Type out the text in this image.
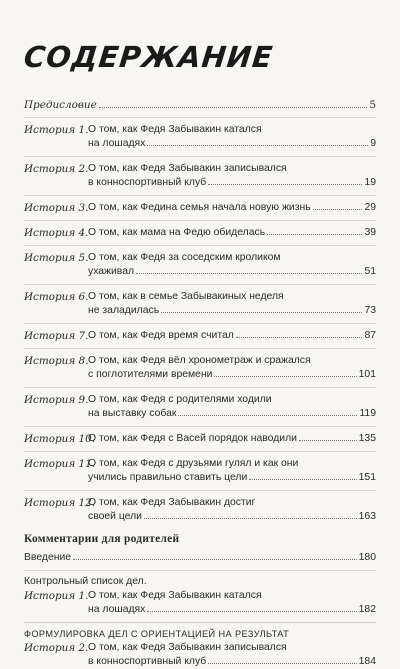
СОДЕРЖАНИЕ
Предисловие	5
История 1. О том, как Федя Забывакин катался
на лошадях	9
История 2. О том, как Федя Забывакин записывался
в конноспортивный клуб	19
История 3. О том, как Федина семья начала новую жизнь	29
История 4. О том, как мама на Федю обиделась	39
История 5. О том, как Федя за соседским кроликом
ухаживал	51
История 6. О том, как в семье Забывакиных неделя
не заладилась	73
История 7. О том, как Федя время считал	87
История 8. О том, как Федя вёл хронометраж и сражался
с поглотителями времени	101
История 9. О том, как Федя с родителями ходили
на выставку собак	119
История 10.
О том, как Федя с Васей порядок наводили	135
История 11.
О том, как Федя с друзьями гулял и как они
учились правильно ставить цели	151
История 12.
О том, как Федя Забывакин достиг
своей цели	163
Комментарии для родителей
Введение	180
Контрольный список дел.
История 1. О том, как Федя Забывакин катался
на лошадях	182
ФОРМУЛИРОВКА ДЕЛ С ОРИЕНТАЦИЕЙ НА РЕЗУЛЬТАТ
История 2. О том, как Федя Забывакин записывался
в конноспортивный клуб	184
